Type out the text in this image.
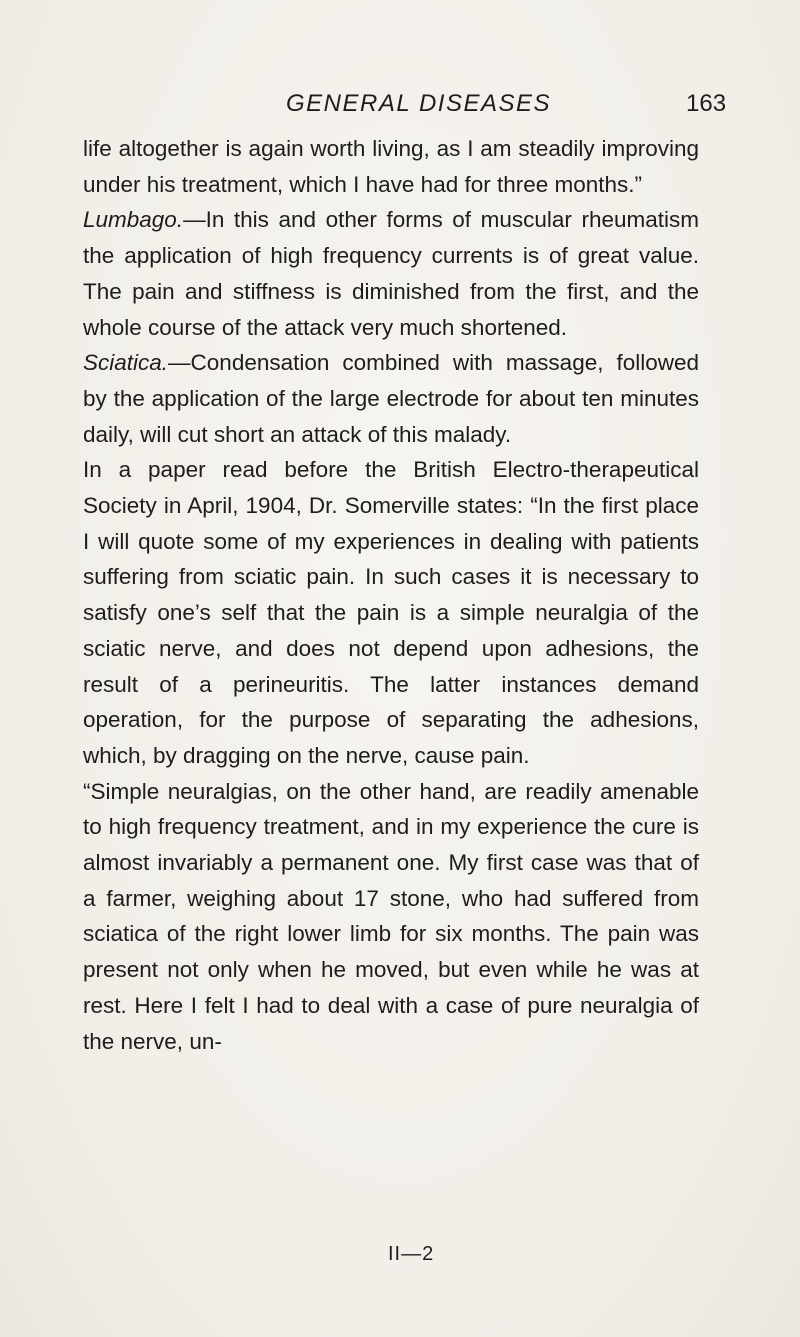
GENERAL DISEASES	163

life altogether is again worth living, as I am steadily improving under his treatment, which I have had for three months.”

Lumbago.—In this and other forms of muscular rheumatism the application of high frequency currents is of great value. The pain and stiffness is diminished from the first, and the whole course of the attack very much shortened.

Sciatica.—Condensation combined with massage, followed by the application of the large electrode for about ten minutes daily, will cut short an attack of this malady.

In a paper read before the British Electro-therapeutical Society in April, 1904, Dr. Somerville states: “In the first place I will quote some of my experiences in dealing with patients suffering from sciatic pain. In such cases it is necessary to satisfy one’s self that the pain is a simple neuralgia of the sciatic nerve, and does not depend upon adhesions, the result of a perineuritis. The latter instances demand operation, for the purpose of separating the adhesions, which, by dragging on the nerve, cause pain.

“Simple neuralgias, on the other hand, are readily amenable to high frequency treatment, and in my experience the cure is almost invariably a permanent one. My first case was that of a farmer, weighing about 17 stone, who had suffered from sciatica of the right lower limb for six months. The pain was present not only when he moved, but even while he was at rest. Here I felt I had to deal with a case of pure neuralgia of the nerve, un-

II—2
